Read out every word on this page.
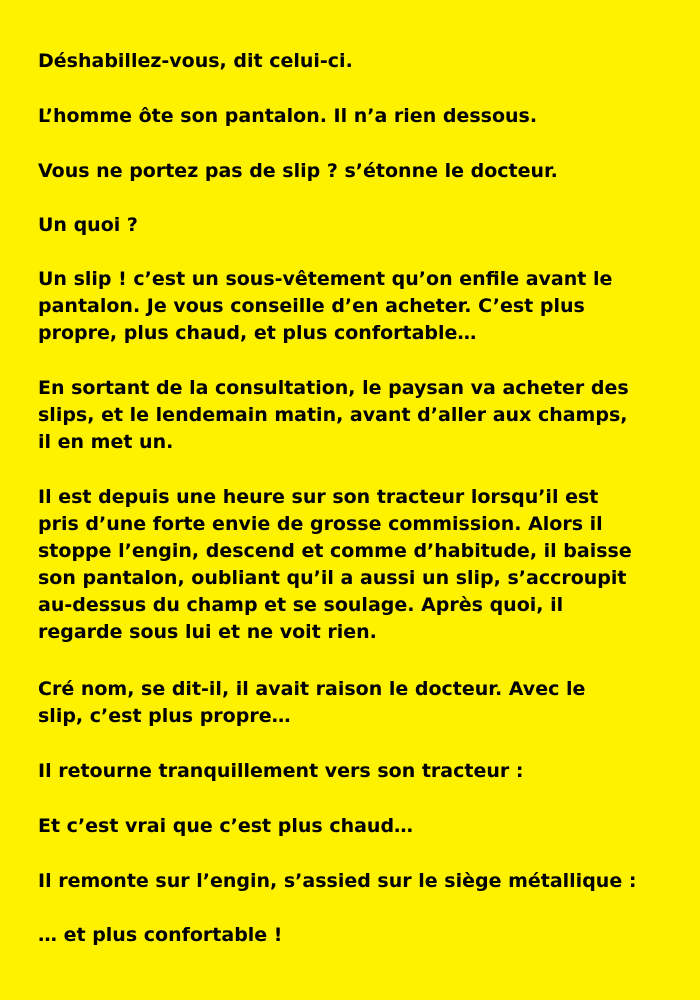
Déshabillez-vous, dit celui-ci.

L’homme ôte son pantalon. Il n’a rien dessous.

Vous ne portez pas de slip ? s’étonne le docteur.

Un quoi ?

Un slip ! c’est un sous-vêtement qu’on enfile avant le
pantalon. Je vous conseille d’en acheter. C’est plus
propre, plus chaud, et plus confortable…

En sortant de la consultation, le paysan va acheter des
slips, et le lendemain matin, avant d’aller aux champs,
il en met un.

Il est depuis une heure sur son tracteur lorsqu’il est
pris d’une forte envie de grosse commission. Alors il
stoppe l’engin, descend et comme d’habitude, il baisse
son pantalon, oubliant qu’il a aussi un slip, s’accroupit
au-dessus du champ et se soulage. Après quoi, il
regarde sous lui et ne voit rien.

Cré nom, se dit-il, il avait raison le docteur. Avec le
slip, c’est plus propre…

Il retourne tranquillement vers son tracteur :

Et c’est vrai que c’est plus chaud…

Il remonte sur l’engin, s’assied sur le siège métallique :

… et plus confortable !
